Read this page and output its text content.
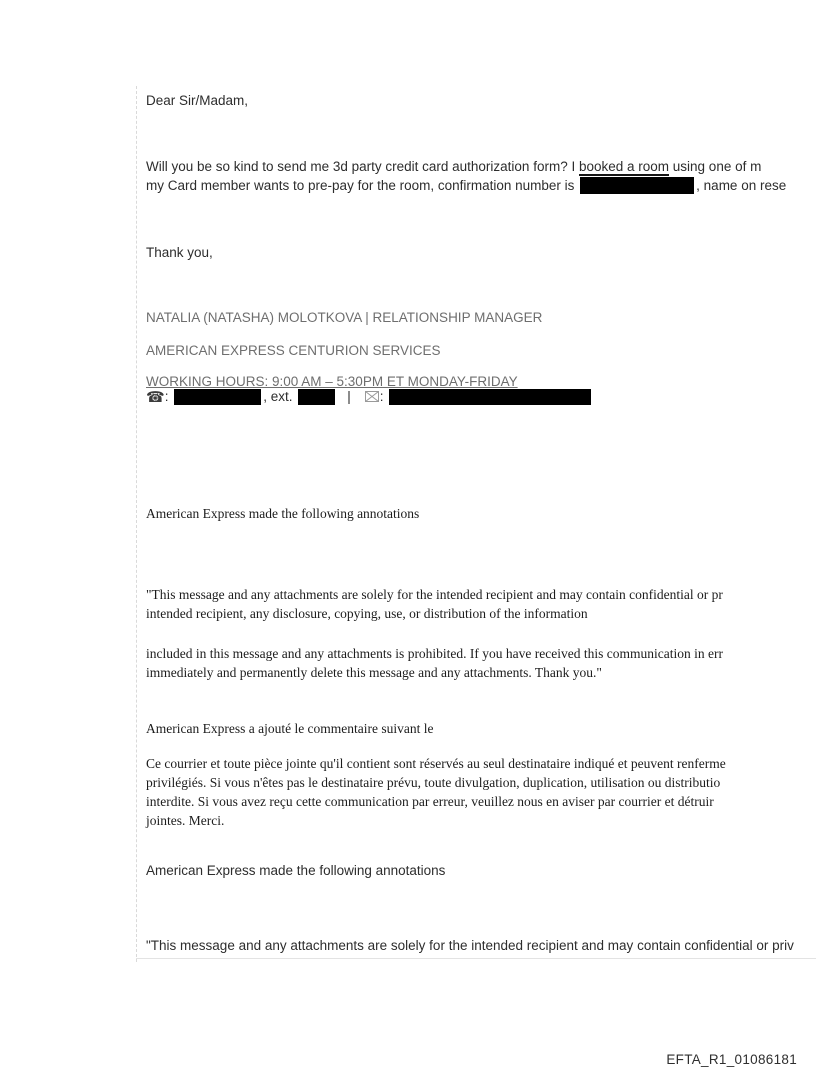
Dear Sir/Madam,
Will you be so kind to send me 3d party credit card authorization form? I booked a room using one of m
my Card member wants to pre-pay for the room, confirmation number is	, name on rese
Thank you,
NATALIA (NATASHA) MOLOTKOVA | RELATIONSHIP MANAGER
AMERICAN EXPRESS CENTURION SERVICES
WORKING HOURS: 9:00 AM – 5:30PM ET MONDAY-FRIDAY
☎:	, ext.	| :
American Express made the following annotations
"This message and any attachments are solely for the intended recipient and may contain confidential or pr
intended recipient, any disclosure, copying, use, or distribution of the information
included in this message and any attachments is prohibited. If you have received this communication in err
immediately and permanently delete this message and any attachments. Thank you."
American Express a ajouté le commentaire suivant le
Ce courrier et toute pièce jointe qu'il contient sont réservés au seul destinataire indiqué et peuvent renferme
privilégiés. Si vous n'êtes pas le destinataire prévu, toute divulgation, duplication, utilisation ou distributio
interdite. Si vous avez reçu cette communication par erreur, veuillez nous en aviser par courrier et détruir
jointes. Merci.
American Express made the following annotations
"This message and any attachments are solely for the intended recipient and may contain confidential or priv
EFTA_R1_01086181
